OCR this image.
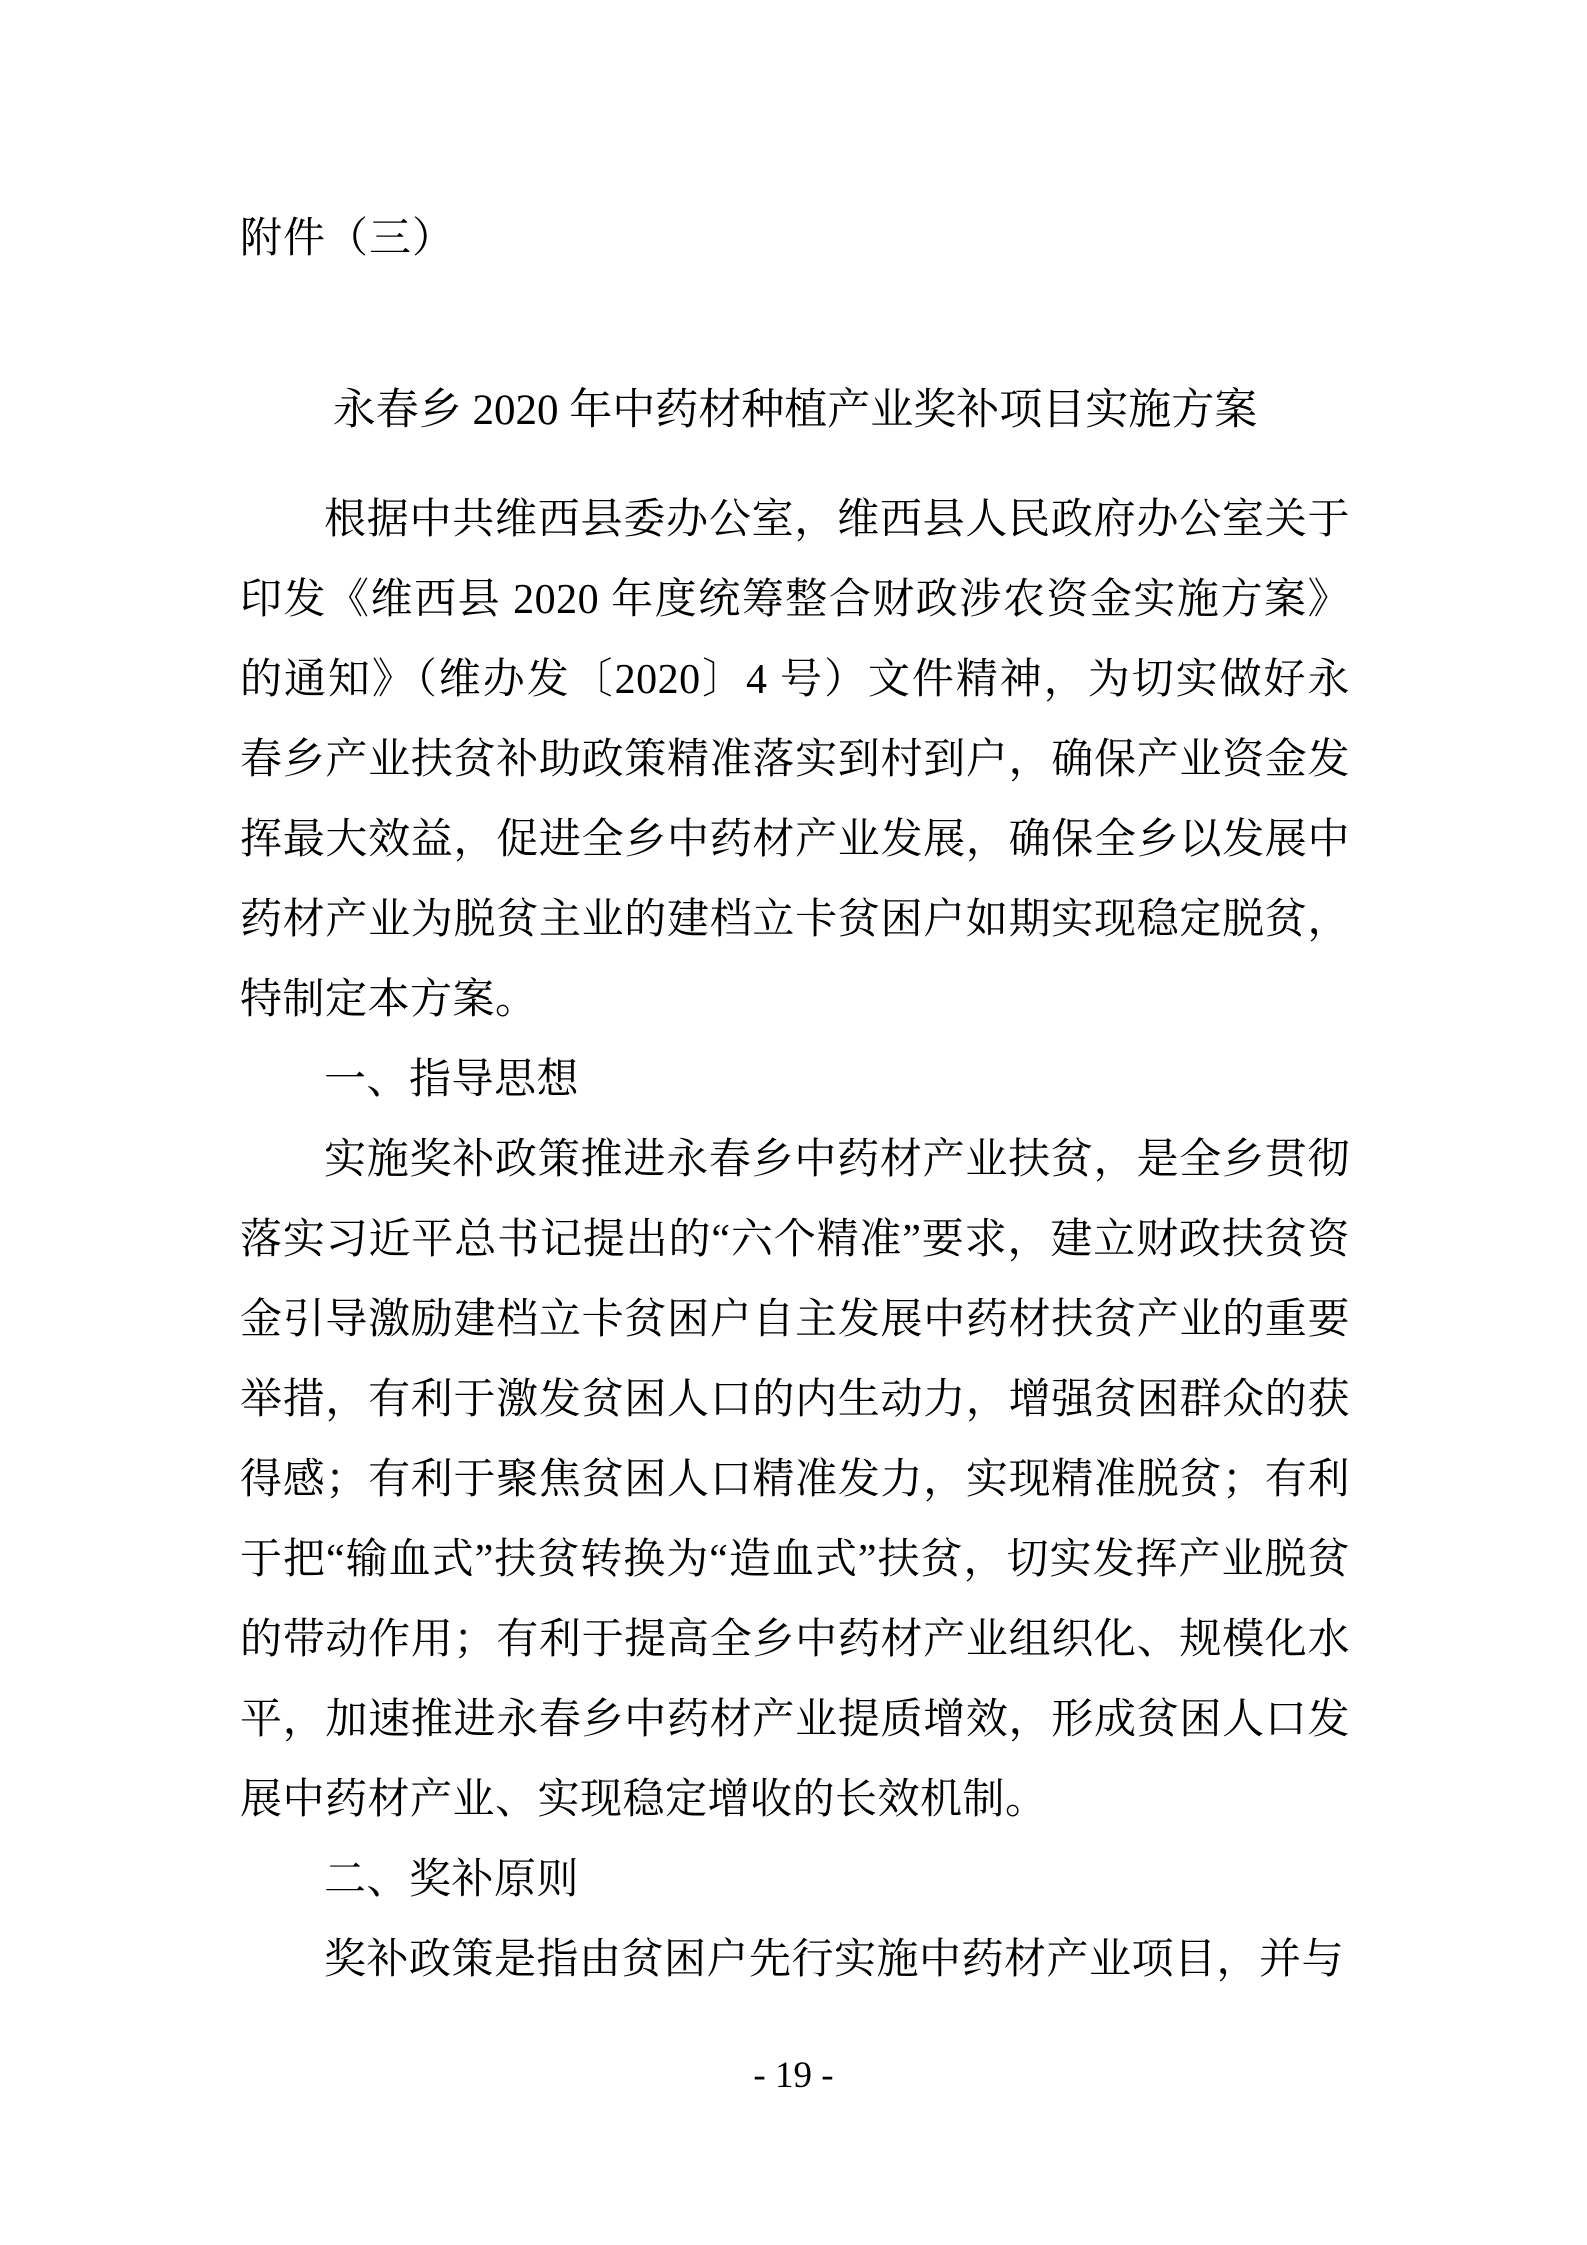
附件（三）
永春乡 2020 年中药材种植产业奖补项目实施方案

根据中共维西县委办公室，维西县人民政府办公室关于印发《维西县 2020 年度统筹整合财政涉农资金实施方案》的通知》（维办发〔2020〕4 号）文件精神，为切实做好永春乡产业扶贫补助政策精准落实到村到户，确保产业资金发挥最大效益，促进全乡中药材产业发展，确保全乡以发展中药材产业为脱贫主业的建档立卡贫困户如期实现稳定脱贫，特制定本方案。

一、指导思想

实施奖补政策推进永春乡中药材产业扶贫，是全乡贯彻落实习近平总书记提出的“六个精准”要求，建立财政扶贫资金引导激励建档立卡贫困户自主发展中药材扶贫产业的重要举措，有利于激发贫困人口的内生动力，增强贫困群众的获得感；有利于聚焦贫困人口精准发力，实现精准脱贫；有利于把“输血式”扶贫转换为“造血式”扶贫，切实发挥产业脱贫的带动作用；有利于提高全乡中药材产业组织化、规模化水平，加速推进永春乡中药材产业提质增效，形成贫困人口发展中药材产业、实现稳定增收的长效机制。

二、奖补原则

奖补政策是指由贫困户先行实施中药材产业项目，并与

- 19 -
